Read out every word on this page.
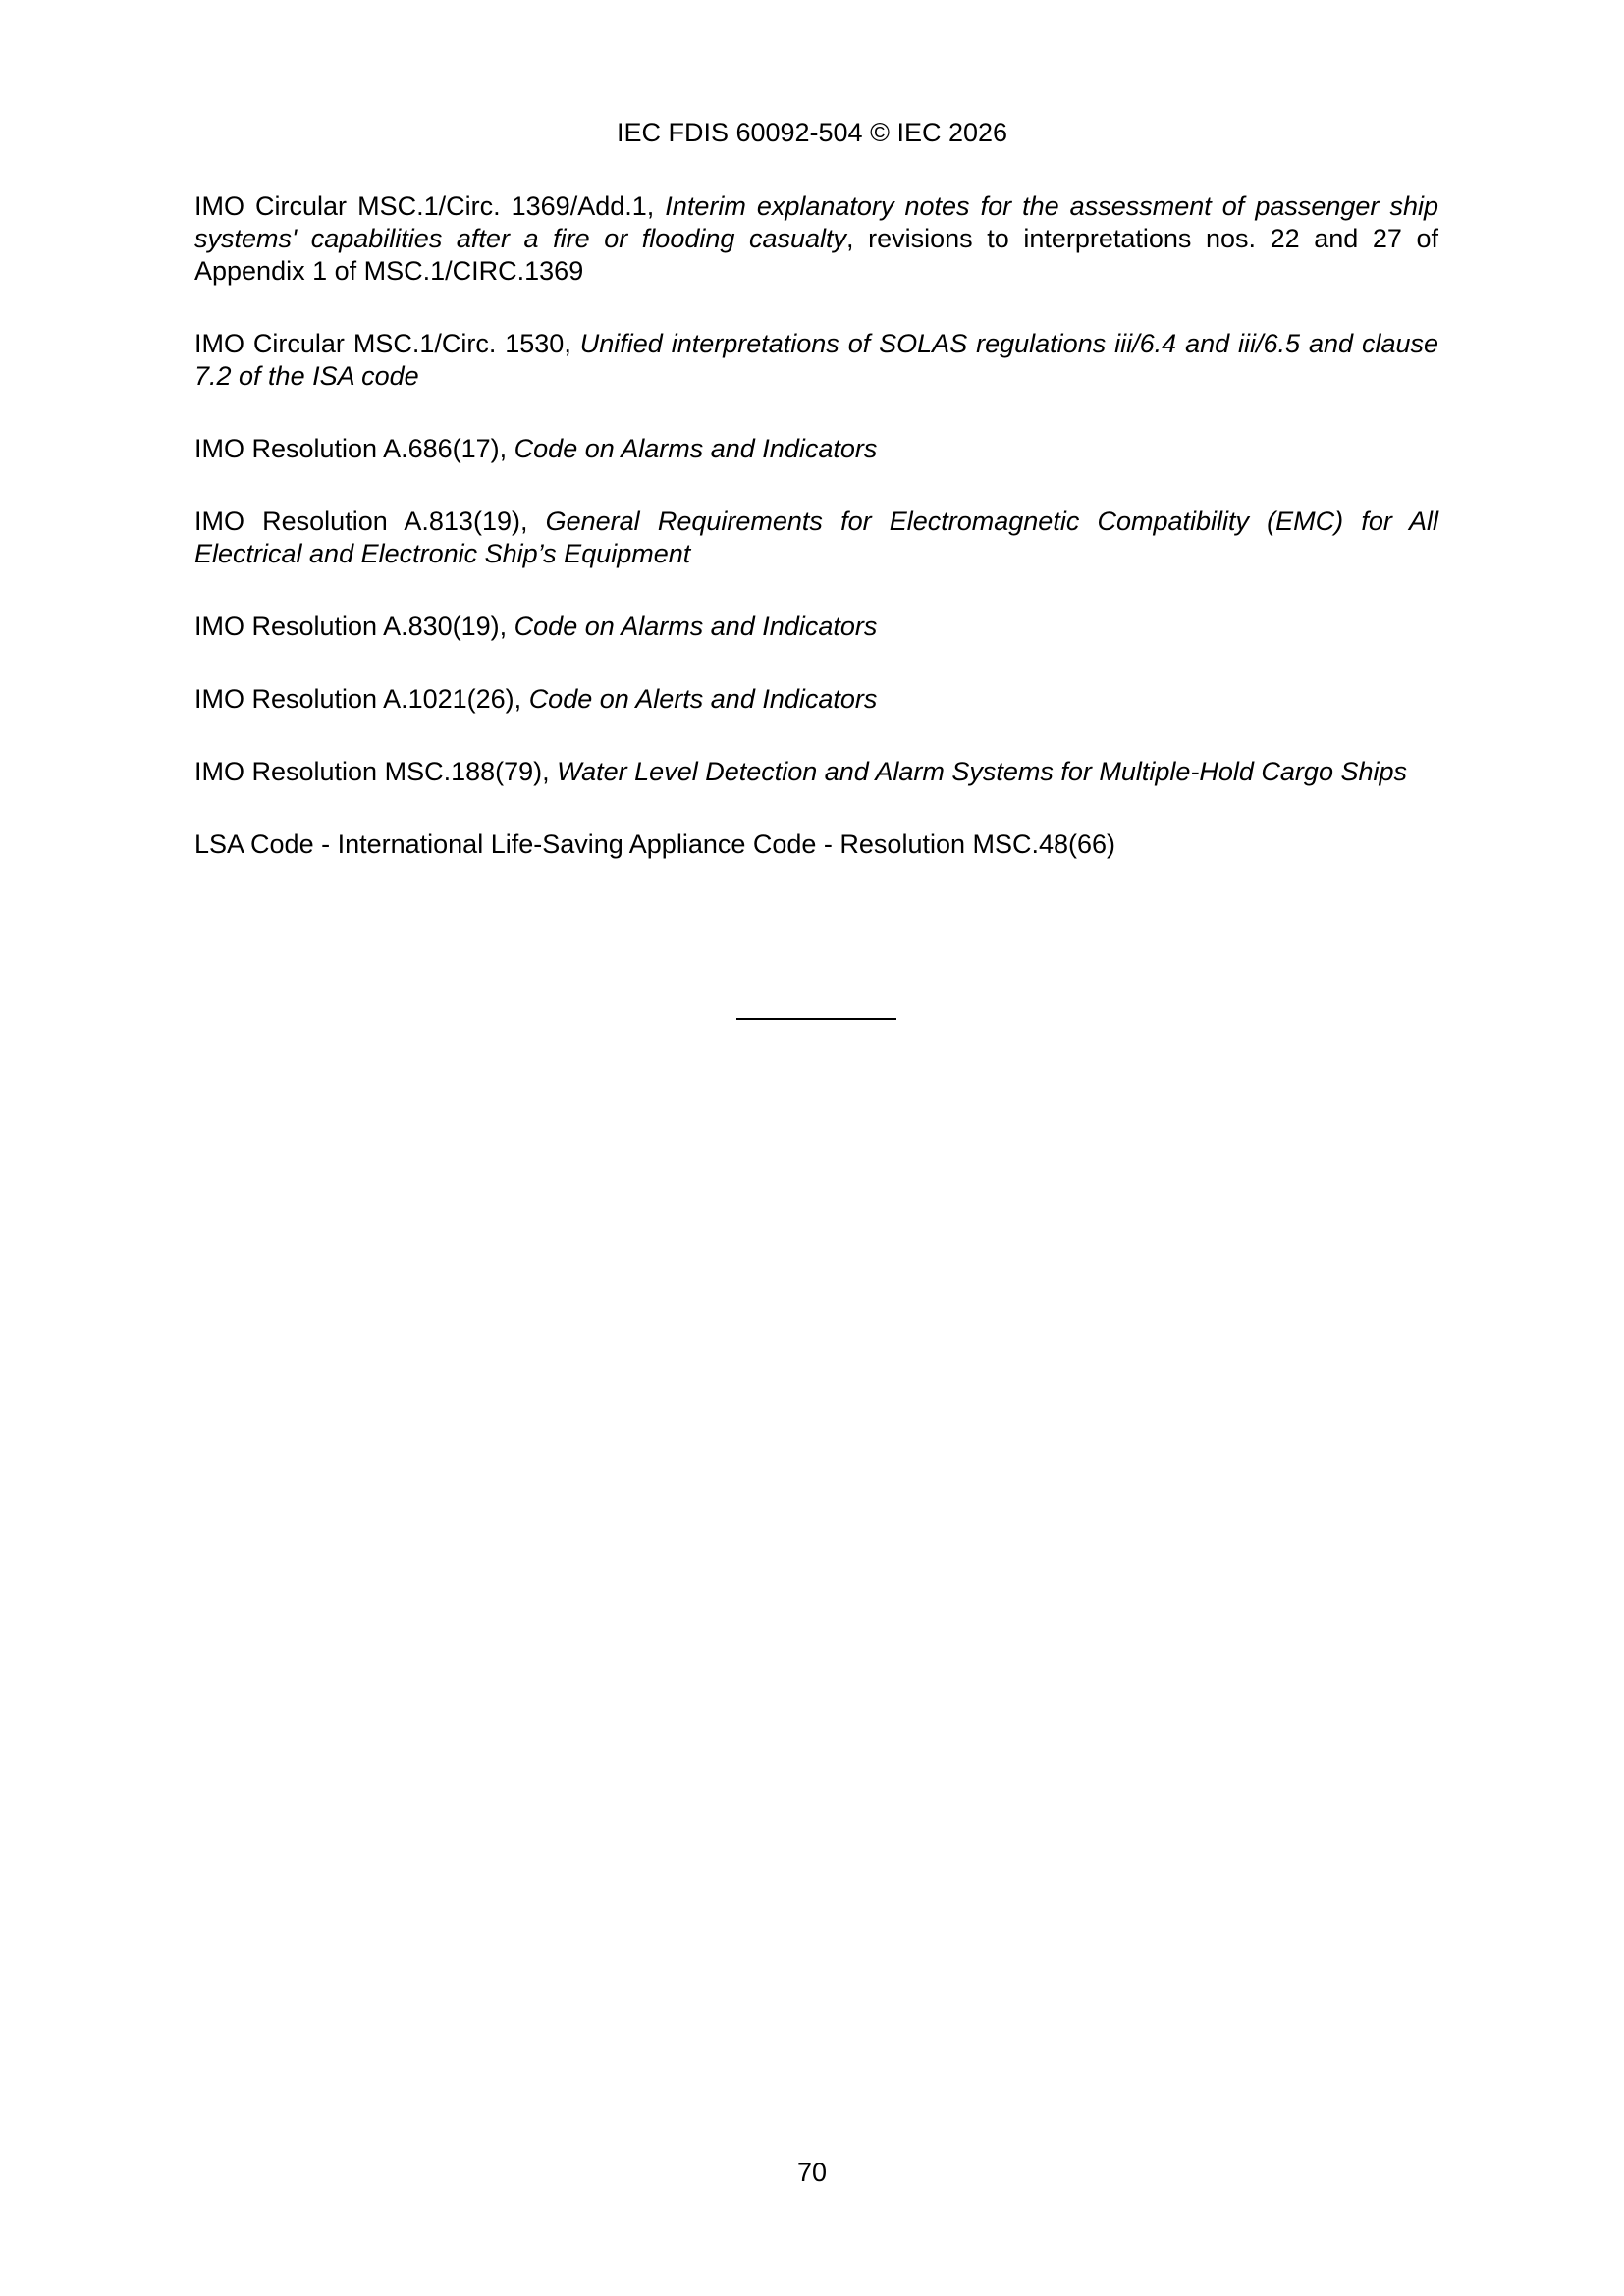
IEC FDIS 60092-504 © IEC 2026
IMO Circular MSC.1/Circ. 1369/Add.1, Interim explanatory notes for the assessment of passenger ship systems' capabilities after a fire or flooding casualty, revisions to interpretations nos. 22 and 27 of Appendix 1 of MSC.1/CIRC.1369
IMO Circular MSC.1/Circ. 1530, Unified interpretations of SOLAS regulations iii/6.4 and iii/6.5 and clause 7.2 of the ISA code
IMO Resolution A.686(17), Code on Alarms and Indicators
IMO Resolution A.813(19), General Requirements for Electromagnetic Compatibility (EMC) for All Electrical and Electronic Ship’s Equipment
IMO Resolution A.830(19), Code on Alarms and Indicators
IMO Resolution A.1021(26), Code on Alerts and Indicators
IMO Resolution MSC.188(79), Water Level Detection and Alarm Systems for Multiple-Hold Cargo Ships
LSA Code - International Life-Saving Appliance Code - Resolution MSC.48(66)
70
